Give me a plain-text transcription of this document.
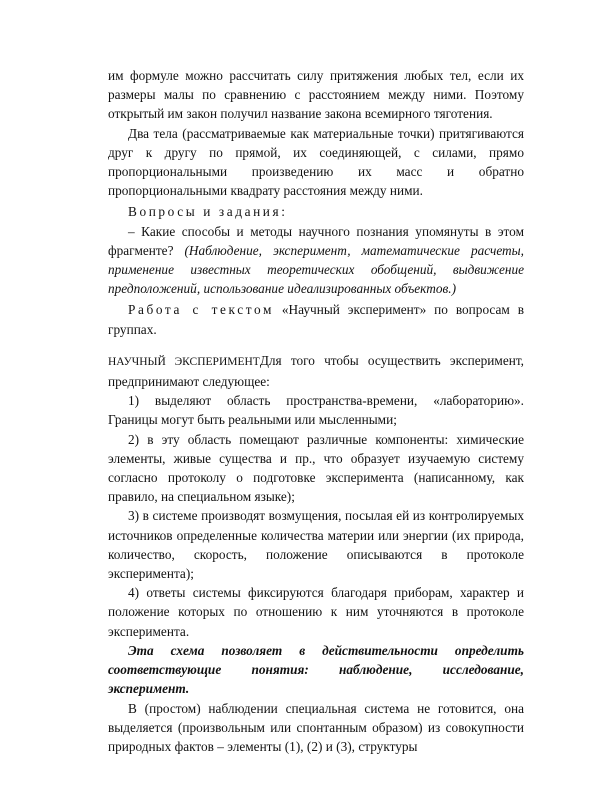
им формуле можно рассчитать силу притяжения любых тел, если их размеры малы по сравнению с расстоянием между ними. Поэтому открытый им закон получил название закона всемирного тяготения.

Два тела (рассматриваемые как материальные точки) притягиваются друг к другу по прямой, их соединяющей, с силами, прямо пропорциональными произведению их масс и обратно пропорциональными квадрату расстояния между ними.

Вопросы и задания:

– Какие способы и методы научного познания упомянуты в этом фрагменте? (Наблюдение, эксперимент, математические расчеты, применение известных теоретических обобщений, выдвижение предположений, использование идеализированных объектов.)

Работа с текстом «Научный эксперимент» по вопросам в группах.

НАУЧНЫЙ ЭКСПЕРИМЕНТДля того чтобы осуществить эксперимент, предпринимают следующее:

1) выделяют область пространства-времени, «лабораторию». Границы могут быть реальными или мысленными;

2) в эту область помещают различные компоненты: химические элементы, живые существа и пр., что образует изучаемую систему согласно протоколу о подготовке эксперимента (написанному, как правило, на специальном языке);

3) в системе производят возмущения, посылая ей из контролируемых источников определенные количества материи или энергии (их природа, количество, скорость, положение описываются в протоколе эксперимента);

4) ответы системы фиксируются благодаря приборам, характер и положение которых по отношению к ним уточняются в протоколе эксперимента.

Эта схема позволяет в действительности определить соответствующие понятия: наблюдение, исследование, эксперимент.

В (простом) наблюдении специальная система не готовится, она выделяется (произвольным или спонтанным образом) из совокупности природных фактов – элементы (1), (2) и (3), структуры
